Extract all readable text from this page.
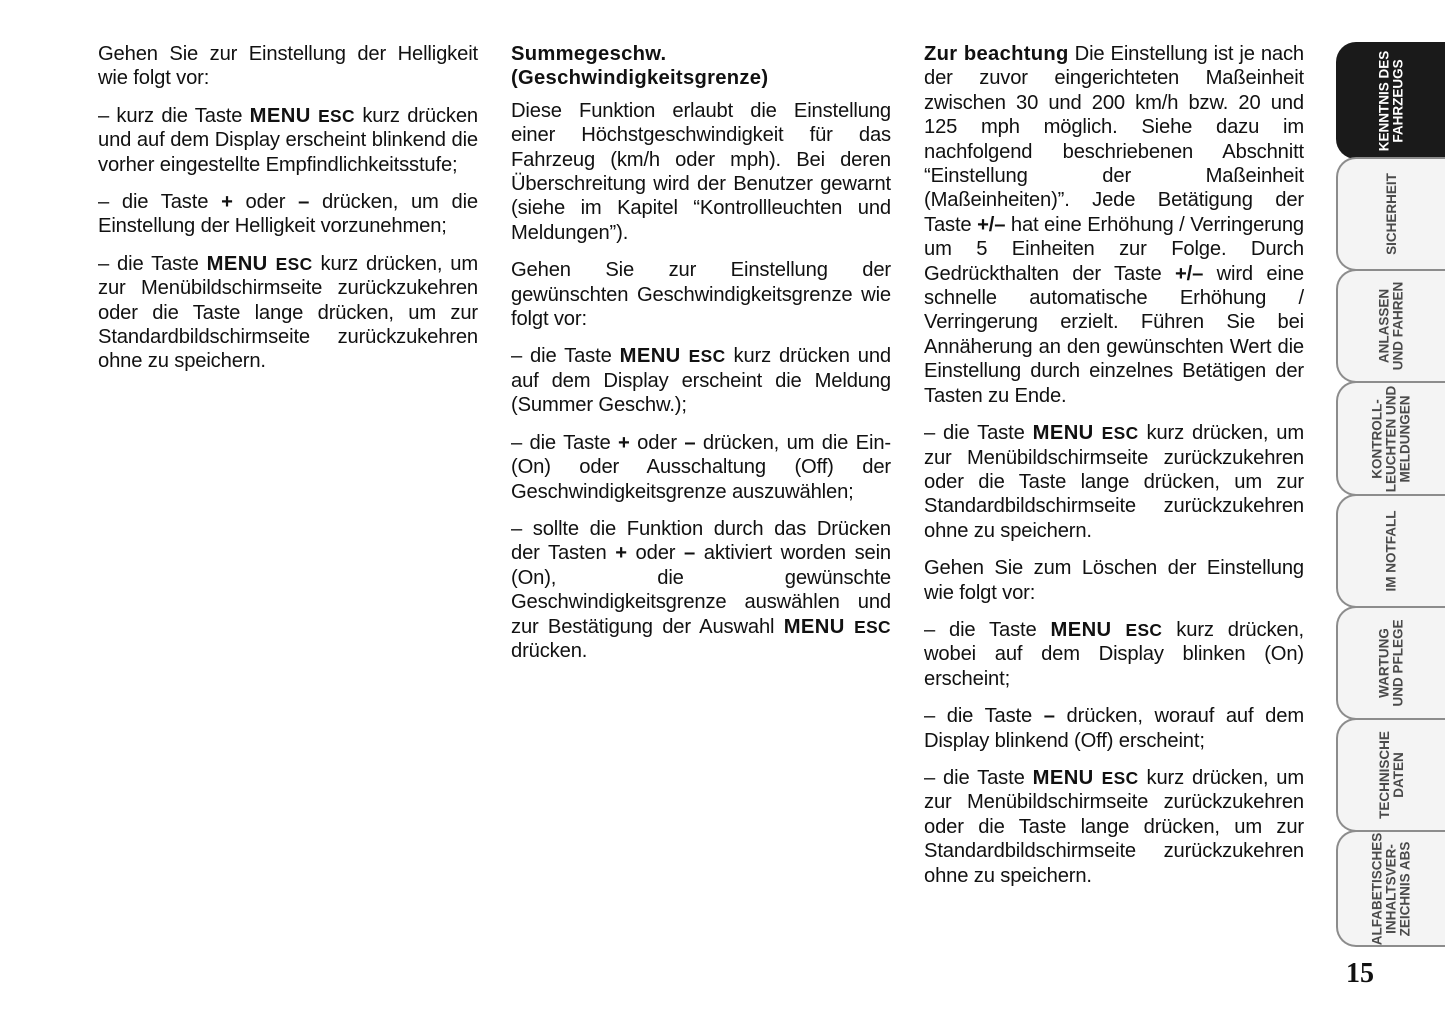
Gehen Sie zur Einstellung der Helligkeit wie folgt vor:

– kurz die Taste MENU ESC kurz drücken und auf dem Display erscheint blinkend die vorher eingestellte Empfindlichkeitsstufe;

– die Taste + oder – drücken, um die Einstellung der Helligkeit vorzunehmen;

– die Taste MENU ESC kurz drücken, um zur Menübildschirmseite zurückzukehren oder die Taste lange drücken, um zur Standardbildschirmseite zurückzukehren ohne zu speichern.

Summegeschw.
(Geschwindigkeitsgrenze)

Diese Funktion erlaubt die Einstellung einer Höchstgeschwindigkeit für das Fahrzeug (km/h oder mph). Bei deren Überschreitung wird der Benutzer gewarnt (siehe im Kapitel “Kontrollleuchten und Meldungen”).

Gehen Sie zur Einstellung der gewünschten Geschwindigkeitsgrenze wie folgt vor:

– die Taste MENU ESC kurz drücken und auf dem Display erscheint die Meldung (Summer Geschw.);

– die Taste + oder – drücken, um die Ein- (On) oder Ausschaltung (Off) der Geschwindigkeitsgrenze auszuwählen;

– sollte die Funktion durch das Drücken der Tasten + oder – aktiviert worden sein (On), die gewünschte Geschwindigkeitsgrenze auswählen und zur Bestätigung der Auswahl MENU ESC drücken.

Zur beachtung Die Einstellung ist je nach der zuvor eingerichteten Maßeinheit zwischen 30 und 200 km/h bzw. 20 und 125 mph möglich. Siehe dazu im nachfolgend beschriebenen Abschnitt “Einstellung der Maßeinheit (Maßeinheiten)”. Jede Betätigung der Taste +/– hat eine Erhöhung / Verringerung um 5 Einheiten zur Folge. Durch Gedrückthalten der Taste +/– wird eine schnelle automatische Erhöhung / Verringerung erzielt. Führen Sie bei Annäherung an den gewünschten Wert die Einstellung durch einzelnes Betätigen der Tasten zu Ende.

– die Taste MENU ESC kurz drücken, um zur Menübildschirmseite zurückzukehren oder die Taste lange drücken, um zur Standardbildschirmseite zurückzukehren ohne zu speichern.

Gehen Sie zum Löschen der Einstellung wie folgt vor:

– die Taste MENU ESC kurz drücken, wobei auf dem Display blinken (On) erscheint;

– die Taste – drücken, worauf auf dem Display blinkend (Off) erscheint;

– die Taste MENU ESC kurz drücken, um zur Menübildschirmseite zurückzukehren oder die Taste lange drücken, um zur Standardbildschirmseite zurückzukehren ohne zu speichern.

KENNTNIS DES
FAHRZEUGS
SICHERHEIT
ANLASSEN
UND FAHREN
KONTROLL-
LEUCHTEN UND
MELDUNGEN
IM NOTFALL
WARTUNG
UND PFLEGE
TECHNISCHE
DATEN
ALFABETISCHES
INHALTSVER-
ZEICHNIS ABS
15
